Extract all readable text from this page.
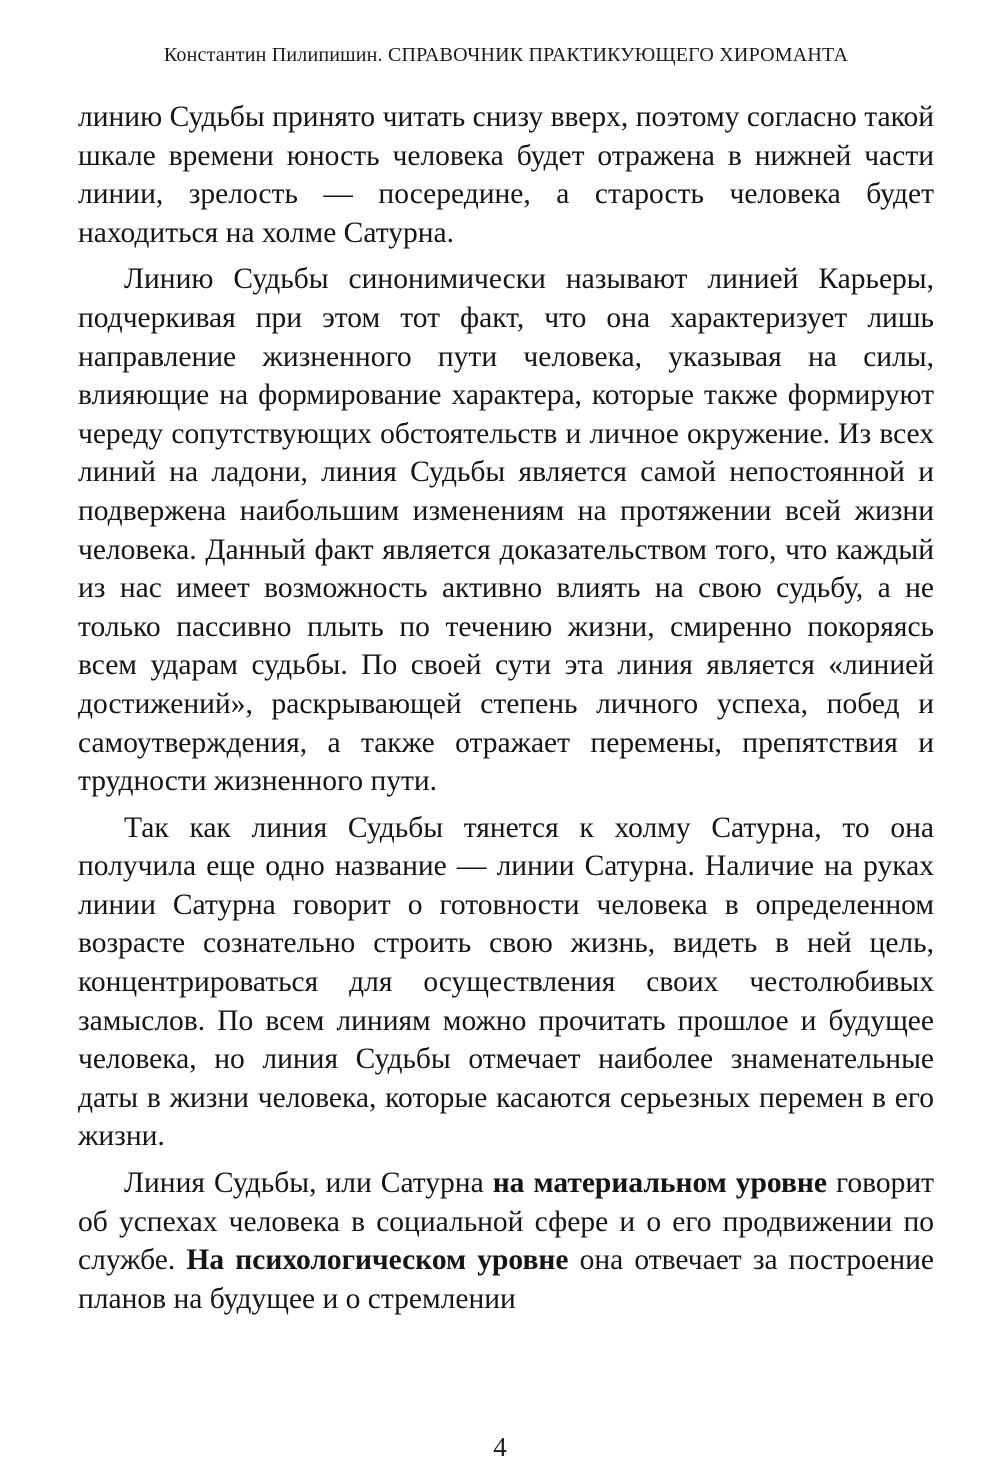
Константин Пилипишин. СПРАВОЧНИК ПРАКТИКУЮЩЕГО ХИРОМАНТА

линию Судьбы принято читать снизу вверх, поэтому согласно такой шкале времени юность человека будет отражена в нижней части линии, зрелость — посередине, а старость человека будет находиться на холме Сатурна.

Линию Судьбы синонимически называют линией Карьеры, подчеркивая при этом тот факт, что она характеризует лишь направление жизненного пути человека, указывая на силы, влияющие на формирование характера, которые также формируют череду сопутствующих обстоятельств и личное окружение. Из всех линий на ладони, линия Судьбы является самой непостоянной и подвержена наибольшим изменениям на протяжении всей жизни человека. Данный факт является доказательством того, что каждый из нас имеет возможность активно влиять на свою судьбу, а не только пассивно плыть по течению жизни, смиренно покоряясь всем ударам судьбы. По своей сути эта линия является «линией достижений», раскрывающей степень личного успеха, побед и самоутверждения, а также отражает перемены, препятствия и трудности жизненного пути.

Так как линия Судьбы тянется к холму Сатурна, то она получила еще одно название — линии Сатурна. Наличие на руках линии Сатурна говорит о готовности человека в определенном возрасте сознательно строить свою жизнь, видеть в ней цель, концентрироваться для осуществления своих честолюбивых замыслов. По всем линиям можно прочитать прошлое и будущее человека, но линия Судьбы отмечает наиболее знаменательные даты в жизни человека, которые касаются серьезных перемен в его жизни.

Линия Судьбы, или Сатурна на материальном уровне говорит об успехах человека в социальной сфере и о его продвижении по службе. На психологическом уровне она отвечает за построение планов на будущее и о стремлении

4
